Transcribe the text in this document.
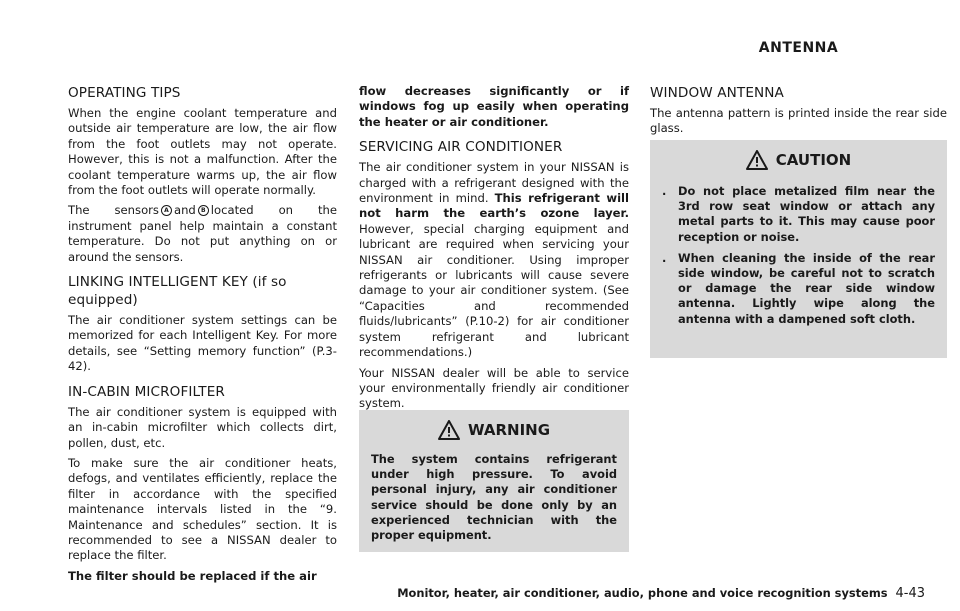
ANTENNA
OPERATING TIPS

When the engine coolant temperature and outside air temperature are low, the air flow from the foot outlets may not operate. However, this is not a malfunction. After the coolant temperature warms up, the air flow from the foot outlets will operate normally.

The sensors A and B located on the instrument panel help maintain a constant temperature. Do not put anything on or around the sensors.

LINKING INTELLIGENT KEY (if so equipped)

The air conditioner system settings can be memorized for each Intelligent Key. For more details, see “Setting memory function” (P.3-42).

IN-CABIN MICROFILTER

The air conditioner system is equipped with an in-cabin microfilter which collects dirt, pollen, dust, etc.

To make sure the air conditioner heats, defogs, and ventilates efficiently, replace the filter in accordance with the specified maintenance intervals listed in the “9. Maintenance and schedules” section. It is recommended to see a NISSAN dealer to replace the filter.

The filter should be replaced if the air

flow decreases significantly or if windows fog up easily when operating the heater or air conditioner.

SERVICING AIR CONDITIONER

The air conditioner system in your NISSAN is charged with a refrigerant designed with the environment in mind. This refrigerant will not harm the earth’s ozone layer. However, special charging equipment and lubricant are required when servicing your NISSAN air conditioner. Using improper refrigerants or lubricants will cause severe damage to your air conditioner system. (See “Capacities and recommended fluids/lubricants” (P.10-2) for air conditioner system refrigerant and lubricant recommendations.)

Your NISSAN dealer will be able to service your environmentally friendly air conditioner system.

WARNING

The system contains refrigerant under high pressure. To avoid personal injury, any air conditioner service should be done only by an experienced technician with the proper equipment.

WINDOW ANTENNA

The antenna pattern is printed inside the rear side glass.

CAUTION
.	Do not place metalized film near the 3rd row seat window or attach any metal parts to it. This may cause poor reception or noise.

.	When cleaning the inside of the rear side window, be careful not to scratch or damage the rear side window antenna. Lightly wipe along the antenna with a dampened soft cloth.

Monitor, heater, air conditioner, audio, phone and voice recognition systems 4-43
